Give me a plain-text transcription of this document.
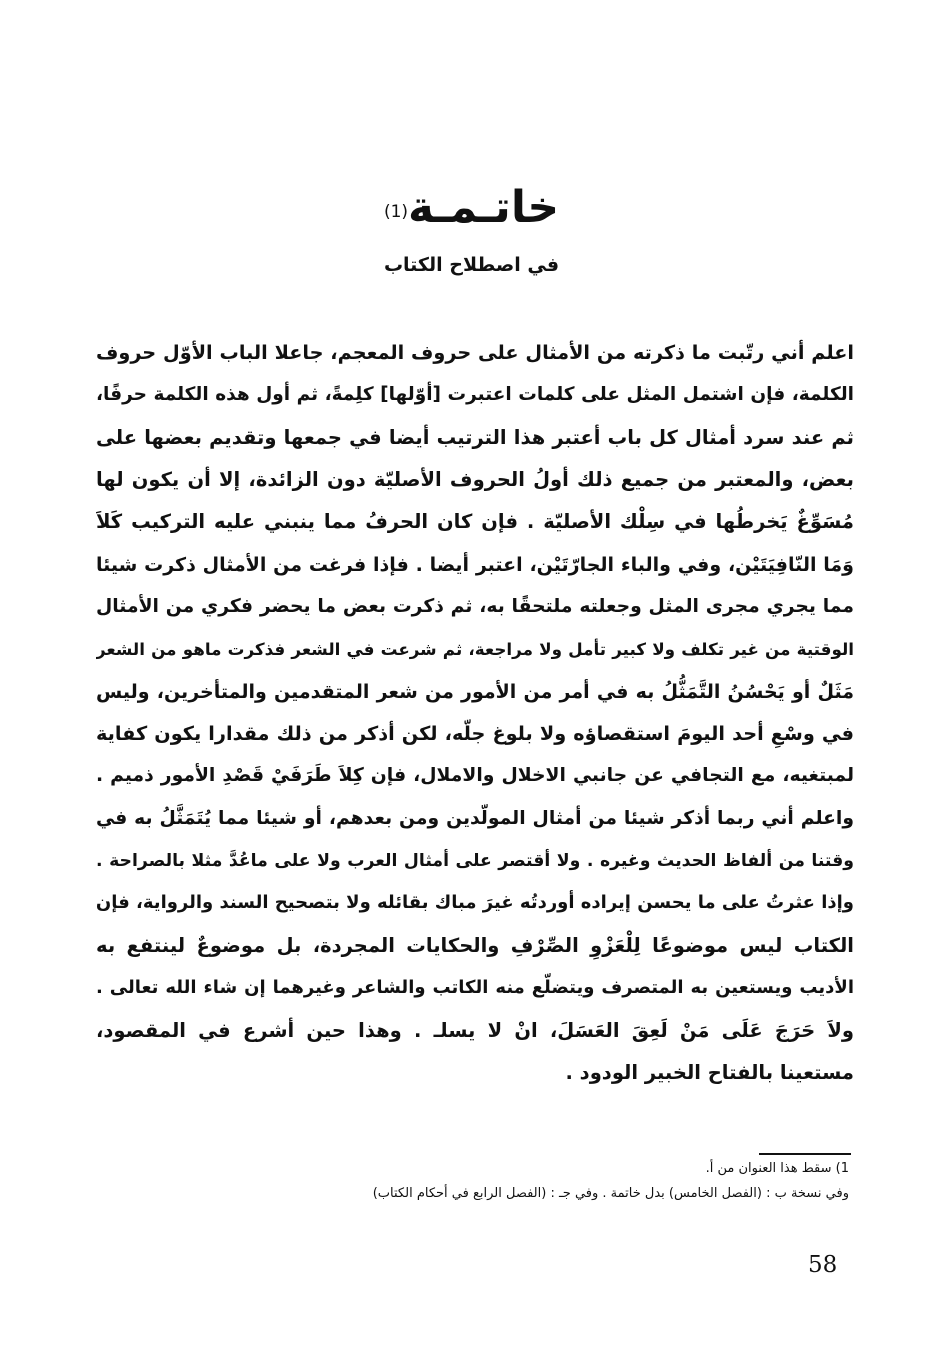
خاتـمـة$^{(1)}$
في اصطلاح الكتاب
اعلم أني رتّبت ما ذكرته من الأمثال على حروف المعجم، جاعلا الباب الأوّل حروف
الكلمة، فإن اشتمل المثل على كلمات اعتبرت [أوّلها] كلِمةً، ثم أول هذه الكلمة حرفًا،
ثم عند سرد أمثال كل باب أعتبر هذا الترتيب أيضا في جمعها وتقديم بعضها على
بعض، والمعتبر من جميع ذلك أولُ الحروف الأصليّة دون الزائدة، إلا أن يكون لها
مُسَوِّغٌ يَخرطُها في سِلْك الأصليّة . فإن كان الحرفُ مما ينبني عليه التركيب كَلاَ
وَمَا النّافِيَتَيْن، وفي والباء الجارّتَيْن، اعتبر أيضا . فإذا فرغت من الأمثال ذكرت شيئا
مما يجري مجرى المثل وجعلته ملتحقًا به، ثم ذكرت بعض ما يحضر فكري من الأمثال
الوقتية من غير تكلف ولا كبير تأمل ولا مراجعة، ثم شرعت في الشعر فذكرت ماهو من الشعر
مَثَلٌ أو يَحْسُنُ التَّمَثُّلُ به في أمر من الأمور من شعر المتقدمين والمتأخرين، وليس
في وسْعِ أحد اليومَ استقصاؤه ولا بلوغ جلّه، لكن أذكر من ذلك مقدارا يكون كفاية
لمبتغيه، مع التجافي عن جانبي الاخلال والاملال، فإن كِلاَ طَرَفَيْ قَصْدِ الأمور ذميم .
واعلم أني ربما أذكر شيئا من أمثال المولّدين ومن بعدهم، أو شيئا مما يُتَمَثَّلُ به في
وقتنا من ألفاظ الحديث وغيره . ولا أقتصر على أمثال العرب ولا على ماعُدَّ مثلا بالصراحة .
وإذا عثرتُ على ما يحسن إيراده أوردتُه غيرَ مباك بقائله ولا بتصحيح السند والرواية، فإن
الكتاب ليس موضوعًا لِلْعَزْوِ الصِّرْفِ والحكايات المجردة، بل موضوعٌ لينتفع به
الأديب ويستعين به المتصرف ويتضلّع منه الكاتب والشاعر وغيرهما إن شاء الله تعالى .
ولاَ حَرَجَ عَلَى مَنْ لَعِقَ العَسَلَ، انْ لا يسلـ . وهذا حين أشرع في المقصود،
مستعينا بالفتاح الخبير الودود .
1) سقط هذا العنوان من أ.
وفي نسخة ب : (الفصل الخامس) بدل خاتمة . وفي جـ : (الفصل الرابع في أحكام الكتاب)
58
